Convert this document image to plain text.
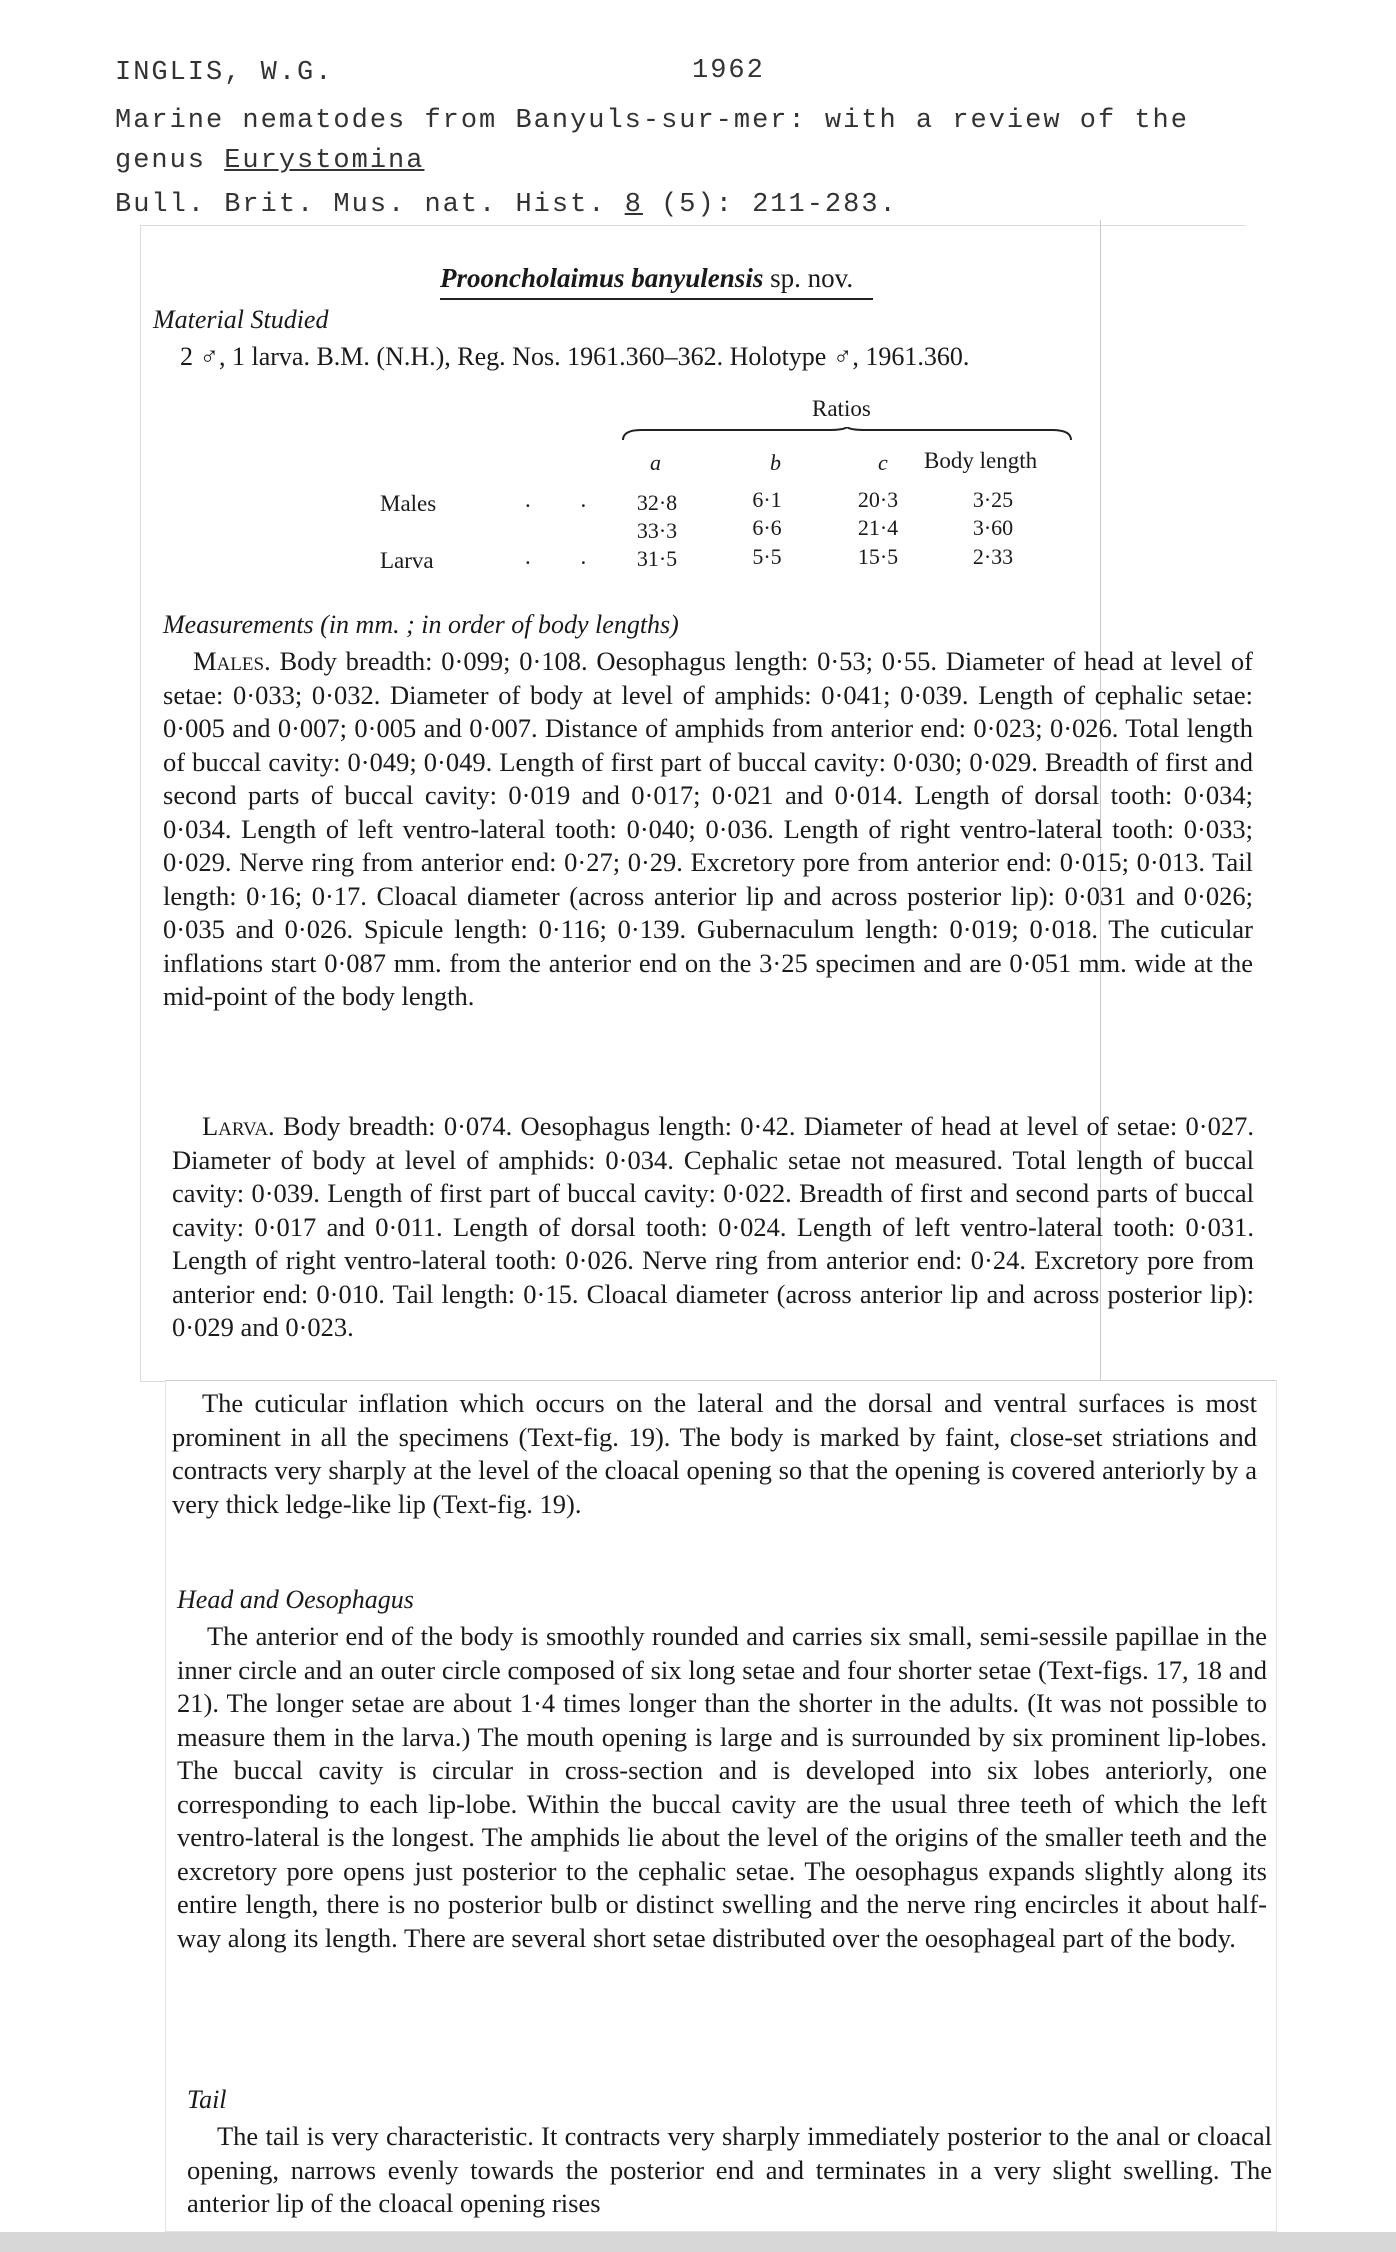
INGLIS, W.G.	1962
Marine nematodes from Banyuls-sur-mer: with a review of the
genus Eurystomina
Bull. Brit. Mus. nat. Hist. 8 (5): 211-283.
Prooncholaimus banyulensis sp. nov.
Material Studied
2 ♂, 1 larva. B.M. (N.H.), Reg. Nos. 1961.360–362. Holotype ♂, 1961.360.
Ratios
a	b	c Body length
Males	. .	32·8	6·1	20·3	3·25
33·3	6·6	21·4	3·60
Larva	. .	31·5	5·5	15·5	2·33
Measurements (in mm. ; in order of body lengths)
Males. Body breadth: 0·099; 0·108. Oesophagus length: 0·53; 0·55. Diameter of head at level of setae: 0·033; 0·032. Diameter of body at level of amphids: 0·041; 0·039. Length of cephalic setae: 0·005 and 0·007; 0·005 and 0·007. Distance of amphids from anterior end: 0·023; 0·026. Total length of buccal cavity: 0·049; 0·049. Length of first part of buccal cavity: 0·030; 0·029. Breadth of first and second parts of buccal cavity: 0·019 and 0·017; 0·021 and 0·014. Length of dorsal tooth: 0·034; 0·034. Length of left ventro-lateral tooth: 0·040; 0·036. Length of right ventro-lateral tooth: 0·033; 0·029. Nerve ring from anterior end: 0·27; 0·29. Excretory pore from anterior end: 0·015; 0·013. Tail length: 0·16; 0·17. Cloacal diameter (across anterior lip and across posterior lip): 0·031 and 0·026; 0·035 and 0·026. Spicule length: 0·116; 0·139. Gubernaculum length: 0·019; 0·018. The cuticular inflations start 0·087 mm. from the anterior end on the 3·25 specimen and are 0·051 mm. wide at the mid-point of the body length.
Larva. Body breadth: 0·074. Oesophagus length: 0·42. Diameter of head at level of setae: 0·027. Diameter of body at level of amphids: 0·034. Cephalic setae not measured. Total length of buccal cavity: 0·039. Length of first part of buccal cavity: 0·022. Breadth of first and second parts of buccal cavity: 0·017 and 0·011. Length of dorsal tooth: 0·024. Length of left ventro-lateral tooth: 0·031. Length of right ventro-lateral tooth: 0·026. Nerve ring from anterior end: 0·24. Excretory pore from anterior end: 0·010. Tail length: 0·15. Cloacal diameter (across anterior lip and across posterior lip): 0·029 and 0·023.
The cuticular inflation which occurs on the lateral and the dorsal and ventral surfaces is most prominent in all the specimens (Text-fig. 19). The body is marked by faint, close-set striations and contracts very sharply at the level of the cloacal opening so that the opening is covered anteriorly by a very thick ledge-like lip (Text-fig. 19).
Head and Oesophagus
The anterior end of the body is smoothly rounded and carries six small, semi-sessile papillae in the inner circle and an outer circle composed of six long setae and four shorter setae (Text-figs. 17, 18 and 21). The longer setae are about 1·4 times longer than the shorter in the adults. (It was not possible to measure them in the larva.) The mouth opening is large and is surrounded by six prominent lip-lobes. The buccal cavity is circular in cross-section and is developed into six lobes anteriorly, one corresponding to each lip-lobe. Within the buccal cavity are the usual three teeth of which the left ventro-lateral is the longest. The amphids lie about the level of the origins of the smaller teeth and the excretory pore opens just posterior to the cephalic setae. The oesophagus expands slightly along its entire length, there is no posterior bulb or distinct swelling and the nerve ring encircles it about half-way along its length. There are several short setae distributed over the oesophageal part of the body.
Tail
The tail is very characteristic. It contracts very sharply immediately posterior to the anal or cloacal opening, narrows evenly towards the posterior end and terminates in a very slight swelling. The anterior lip of the cloacal opening rises
